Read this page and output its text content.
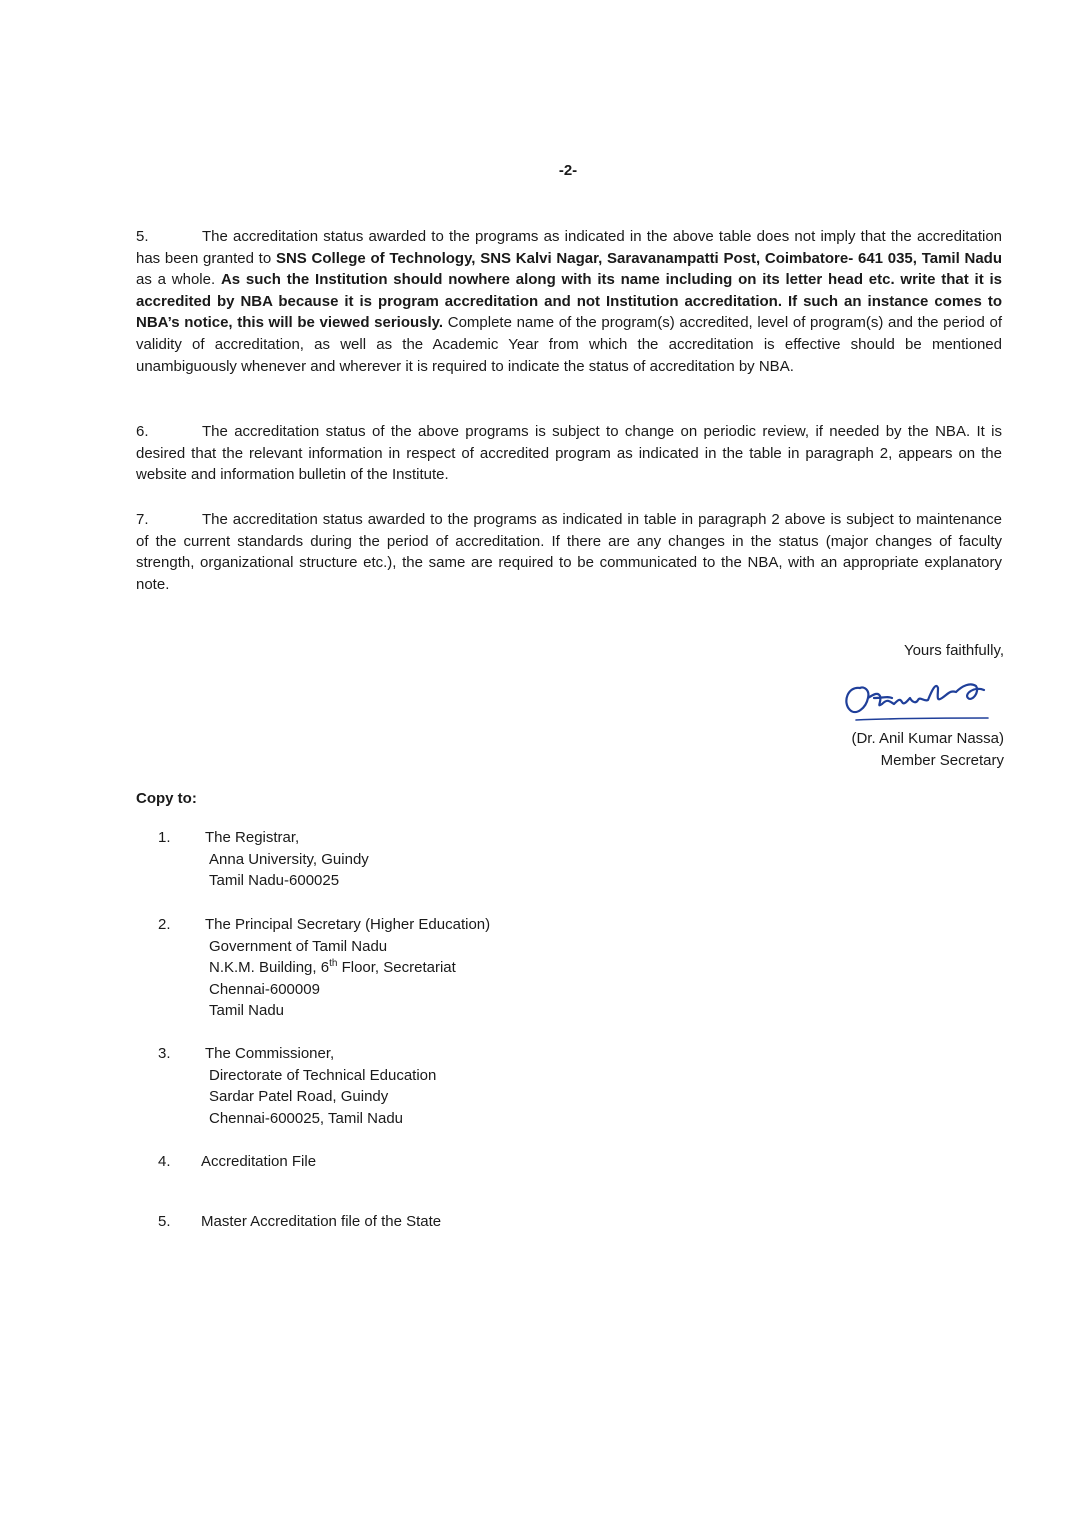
-2-

5.	The accreditation status awarded to the programs as indicated in the above table does not imply that the accreditation has been granted to SNS College of Technology, SNS Kalvi Nagar, Saravanampatti Post, Coimbatore- 641 035, Tamil Nadu as a whole. As such the Institution should nowhere along with its name including on its letter head etc. write that it is accredited by NBA because it is program accreditation and not Institution accreditation. If such an instance comes to NBA’s notice, this will be viewed seriously. Complete name of the program(s) accredited, level of program(s) and the period of validity of accreditation, as well as the Academic Year from which the accreditation is effective should be mentioned unambiguously whenever and wherever it is required to indicate the status of accreditation by NBA.

6.	The accreditation status of the above programs is subject to change on periodic review, if needed by the NBA. It is desired that the relevant information in respect of accredited program as indicated in the table in paragraph 2, appears on the website and information bulletin of the Institute.

7.	The accreditation status awarded to the programs as indicated in table in paragraph 2 above is subject to maintenance of the current standards during the period of accreditation. If there are any changes in the status (major changes of faculty strength, organizational structure etc.), the same are required to be communicated to the NBA, with an appropriate explanatory note.

Yours faithfully,
(Dr. Anil Kumar Nassa)
Member Secretary
Copy to:
1.	The Registrar,
Anna University, Guindy
Tamil Nadu-600025
2.	The Principal Secretary (Higher Education)
Government of Tamil Nadu
N.K.M. Building, 6th Floor, Secretariat
Chennai-600009
Tamil Nadu
3.	The Commissioner,
Directorate of Technical Education
Sardar Patel Road, Guindy
Chennai-600025, Tamil Nadu
4.	Accreditation File
5.	Master Accreditation file of the State
